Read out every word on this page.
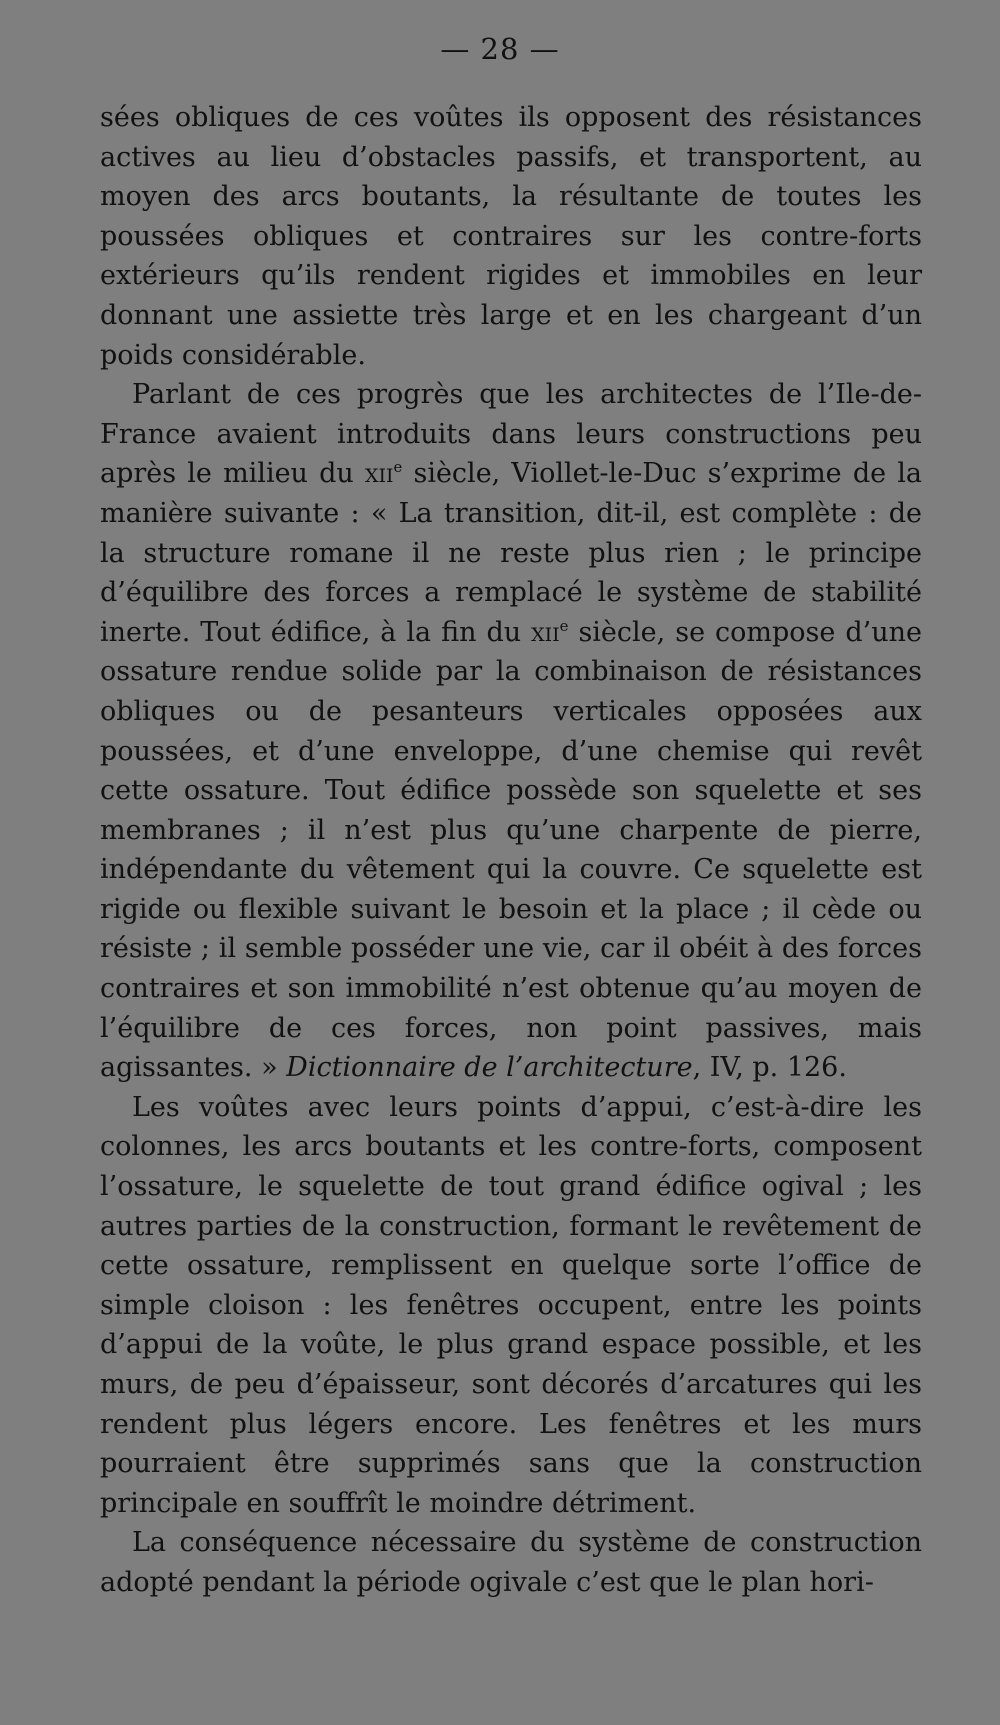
— 28 —

sées obliques de ces voûtes ils opposent des résistances actives au lieu d’obstacles passifs, et transportent, au moyen des arcs boutants, la résultante de toutes les poussées obliques et contraires sur les contre-forts extérieurs qu’ils rendent rigides et immobiles en leur donnant une assiette très large et en les chargeant d’un poids considérable.

Parlant de ces progrès que les architectes de l’Ile-de-France avaient introduits dans leurs constructions peu après le milieu du xii$^e$ siècle, Viollet-le-Duc s’exprime de la manière suivante : « La transition, dit-il, est complète : de la structure romane il ne reste plus rien ; le principe d’équilibre des forces a remplacé le système de stabilité inerte. Tout édifice, à la fin du xii$^e$ siècle, se compose d’une ossature rendue solide par la combinaison de résistances obliques ou de pesanteurs verticales opposées aux poussées, et d’une enveloppe, d’une chemise qui revêt cette ossature. Tout édifice possède son squelette et ses membranes ; il n’est plus qu’une charpente de pierre, indépendante du vêtement qui la couvre. Ce squelette est rigide ou flexible suivant le besoin et la place ; il cède ou résiste ; il semble posséder une vie, car il obéit à des forces contraires et son immobilité n’est obtenue qu’au moyen de l’équilibre de ces forces, non point passives, mais agissantes. » Dictionnaire de l’architecture, IV, p. 126.

Les voûtes avec leurs points d’appui, c’est-à-dire les colonnes, les arcs boutants et les contre-forts, composent l’ossature, le squelette de tout grand édifice ogival ; les autres parties de la construction, formant le revêtement de cette ossature, remplissent en quelque sorte l’office de simple cloison : les fenêtres occupent, entre les points d’appui de la voûte, le plus grand espace possible, et les murs, de peu d’épaisseur, sont décorés d’arcatures qui les rendent plus légers encore. Les fenêtres et les murs pourraient être supprimés sans que la construction principale en souffrît le moindre détriment.

La conséquence nécessaire du système de construction adopté pendant la période ogivale c’est que le plan hori-
